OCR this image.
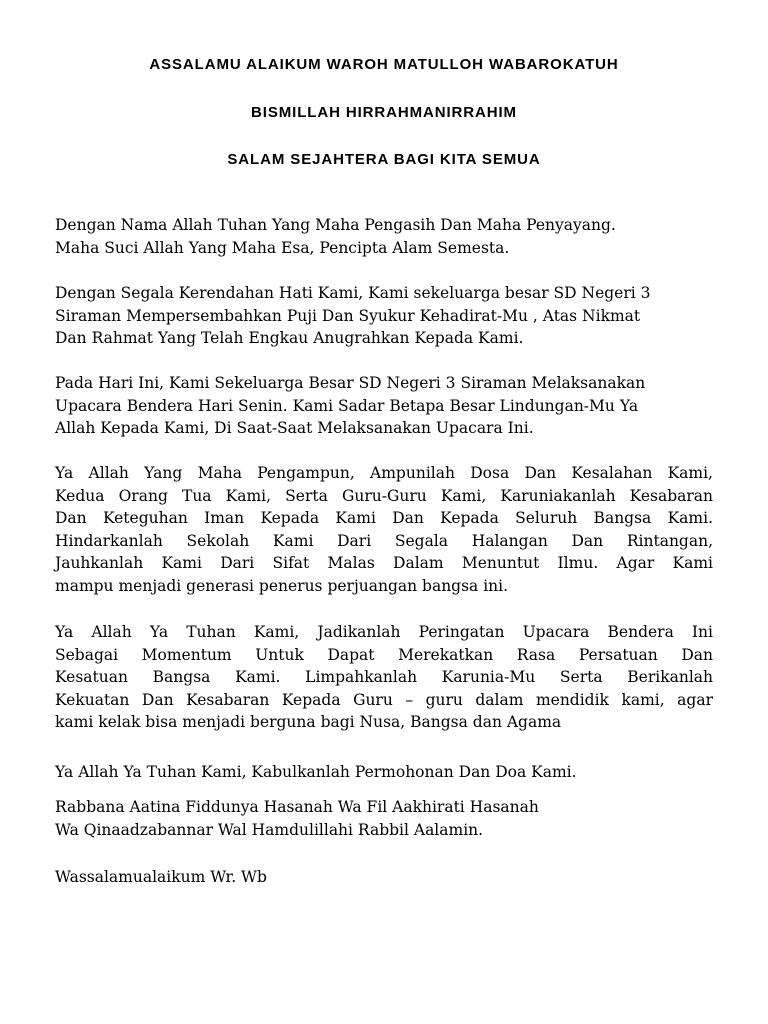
ASSALAMU ALAIKUM WAROH MATULLOH WABAROKATUH
BISMILLAH HIRRAHMANIRRAHIM
SALAM SEJAHTERA BAGI KITA SEMUA

Dengan Nama Allah Tuhan Yang Maha Pengasih Dan Maha Penyayang.
Maha Suci Allah Yang Maha Esa, Pencipta Alam Semesta.

Dengan Segala Kerendahan Hati Kami, Kami sekeluarga besar SD Negeri 3
Siraman Mempersembahkan Puji Dan Syukur Kehadirat-Mu , Atas Nikmat
Dan Rahmat Yang Telah Engkau Anugrahkan Kepada Kami.

Pada Hari Ini, Kami Sekeluarga Besar SD Negeri 3 Siraman Melaksanakan
Upacara Bendera Hari Senin. Kami Sadar Betapa Besar Lindungan-Mu Ya
Allah Kepada Kami, Di Saat-Saat Melaksanakan Upacara Ini.

Ya Allah Yang Maha Pengampun, Ampunilah Dosa Dan Kesalahan Kami,
Kedua Orang Tua Kami, Serta Guru-Guru Kami, Karuniakanlah Kesabaran
Dan Keteguhan Iman Kepada Kami Dan Kepada Seluruh Bangsa Kami.
Hindarkanlah Sekolah Kami Dari Segala Halangan Dan Rintangan,
Jauhkanlah Kami Dari Sifat Malas Dalam Menuntut Ilmu. Agar Kami
mampu menjadi generasi penerus perjuangan bangsa ini.

Ya Allah Ya Tuhan Kami, Jadikanlah Peringatan Upacara Bendera Ini
Sebagai Momentum Untuk Dapat Merekatkan Rasa Persatuan Dan
Kesatuan Bangsa Kami. Limpahkanlah Karunia-Mu Serta Berikanlah
Kekuatan Dan Kesabaran Kepada Guru – guru dalam mendidik kami, agar
kami kelak bisa menjadi berguna bagi Nusa, Bangsa dan Agama

Ya Allah Ya Tuhan Kami, Kabulkanlah Permohonan Dan Doa Kami.

Rabbana Aatina Fiddunya Hasanah Wa Fil Aakhirati Hasanah
Wa Qinaadzabannar Wal Hamdulillahi Rabbil Aalamin.

Wassalamualaikum Wr. Wb
